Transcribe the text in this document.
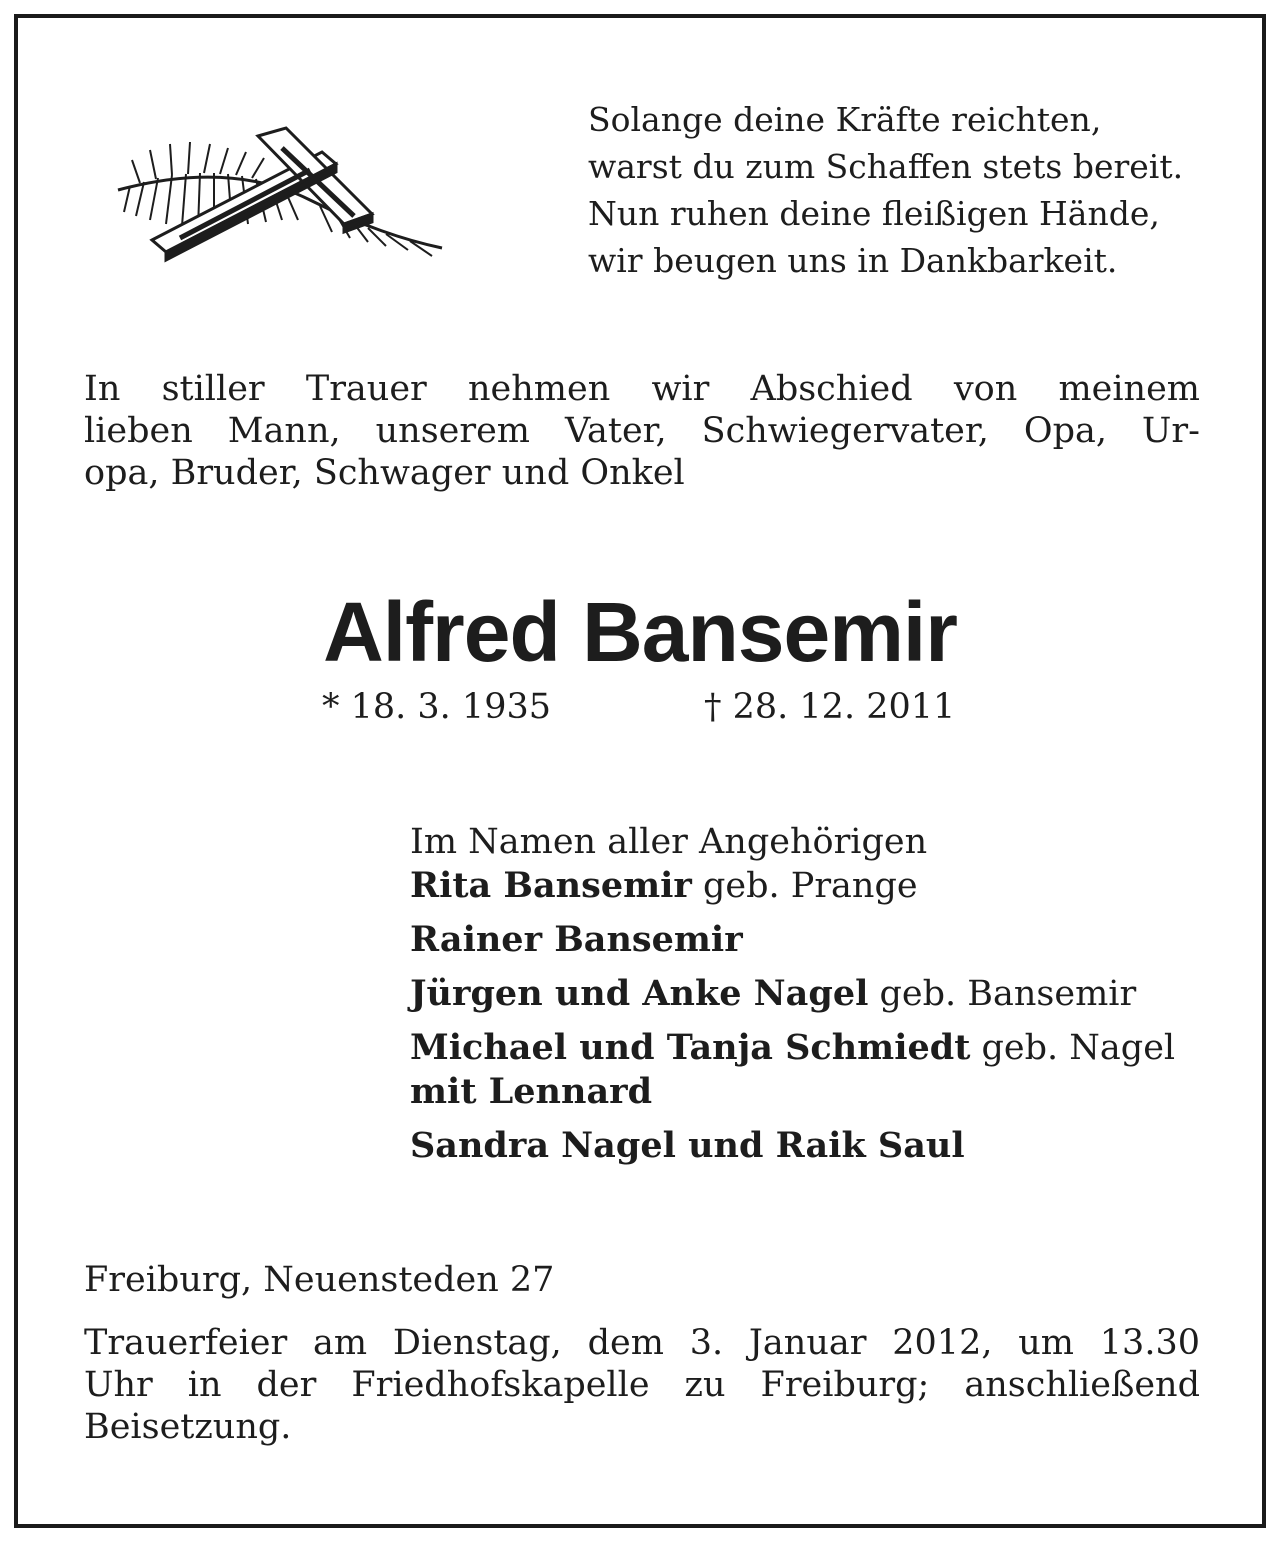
Solange deine Kräfte reichten,
warst du zum Schaffen stets bereit.
Nun ruhen deine fleißigen Hände,
wir beugen uns in Dankbarkeit.
In stiller Trauer nehmen wir Abschied von meinem
lieben Mann, unserem Vater, Schwiegervater, Opa, Ur-
opa, Bruder, Schwager und Onkel
Alfred Bansemir
* 18. 3. 1935	† 28. 12. 2011
Im Namen aller Angehörigen
Rita Bansemir geb. Prange
Rainer Bansemir
Jürgen und Anke Nagel geb. Bansemir
Michael und Tanja Schmiedt geb. Nagel
mit Lennard
Sandra Nagel und Raik Saul
Freiburg, Neuensteden 27
Trauerfeier am Dienstag, dem 3. Januar 2012, um 13.30
Uhr in der Friedhofskapelle zu Freiburg; anschließend
Beisetzung.
